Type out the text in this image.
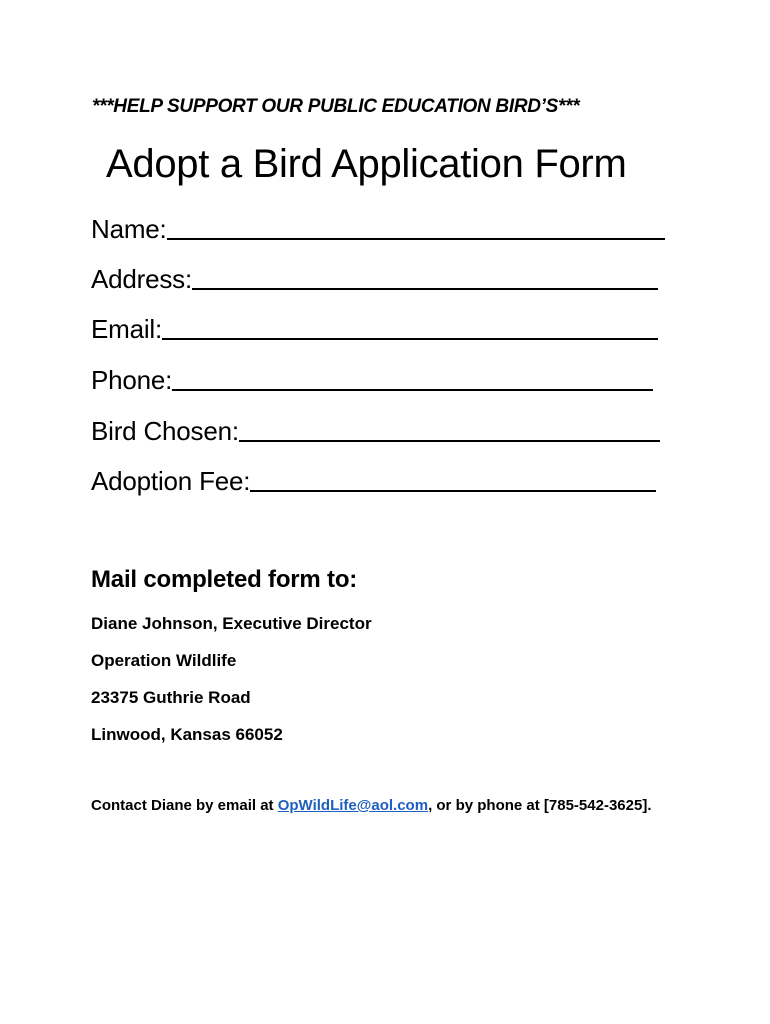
***HELP SUPPORT OUR PUBLIC EDUCATION BIRD’S***
Adopt a Bird Application Form
Name:
Address:
Email:
Phone:
Bird Chosen:
Adoption Fee:
Mail completed form to:
Diane Johnson, Executive Director
Operation Wildlife
23375 Guthrie Road
Linwood, Kansas 66052
Contact Diane by email at OpWildLife@aol.com, or by phone at [785-542-3625].
